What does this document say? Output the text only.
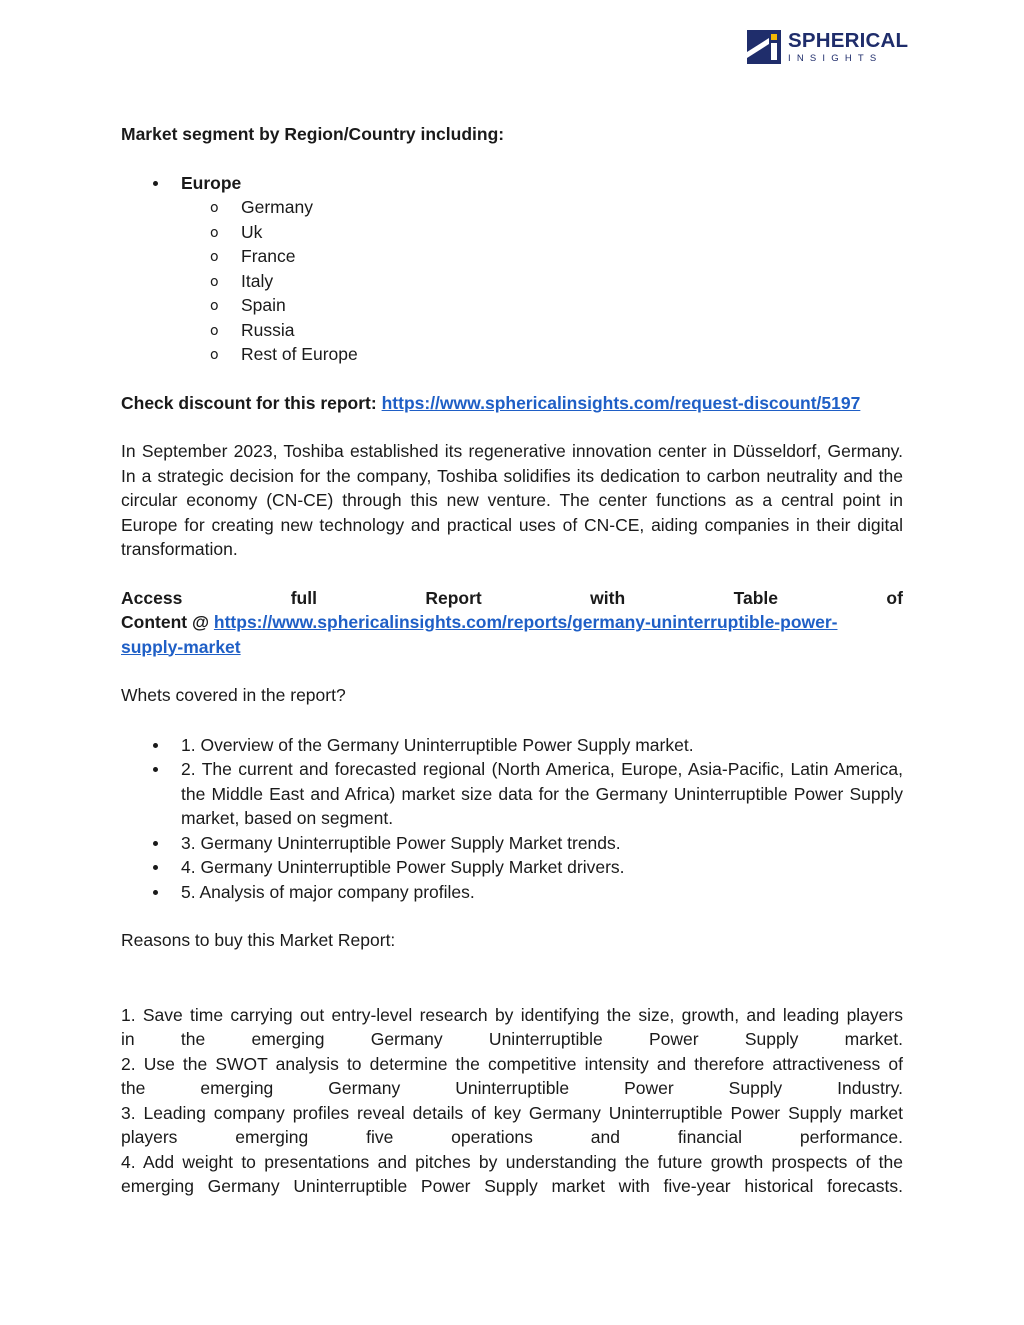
SPHERICAL
INSIGHTS

Market segment by Region/Country including:

Europe
o
Germany
o
Uk
o
France
o
Italy
o
Spain
o
Russia
o
Rest of Europe

Check discount for this report: https://www.sphericalinsights.com/request-discount/5197

In September 2023, Toshiba established its regenerative innovation center in Düsseldorf, Germany. In a strategic decision for the company, Toshiba solidifies its dedication to carbon neutrality and the circular economy (CN-CE) through this new venture. The center functions as a central point in Europe for creating new technology and practical uses of CN-CE, aiding companies in their digital transformation.

Access	full	Report	with	Table	of

Content @ https://www.sphericalinsights.com/reports/germany-uninterruptible-power-
supply-market

Whets covered in the report?

1. Overview of the Germany Uninterruptible Power Supply market.
2. The current and forecasted regional (North America, Europe, Asia-Pacific, Latin America, the Middle East and Africa) market size data for the Germany Uninterruptible Power Supply market, based on segment.
3. Germany Uninterruptible Power Supply Market trends.
4. Germany Uninterruptible Power Supply Market drivers.
5. Analysis of major company profiles.

Reasons to buy this Market Report:

1. Save time carrying out entry-level research by identifying the size, growth, and leading players

in the emerging Germany Uninterruptible Power Supply market.

2. Use the SWOT analysis to determine the competitive intensity and therefore attractiveness of

the emerging Germany Uninterruptible Power Supply Industry.

3. Leading company profiles reveal details of key Germany Uninterruptible Power Supply market

players emerging five operations and financial performance.

4. Add weight to presentations and pitches by understanding the future growth prospects of the

emerging Germany Uninterruptible Power Supply market with five-year historical forecasts.
